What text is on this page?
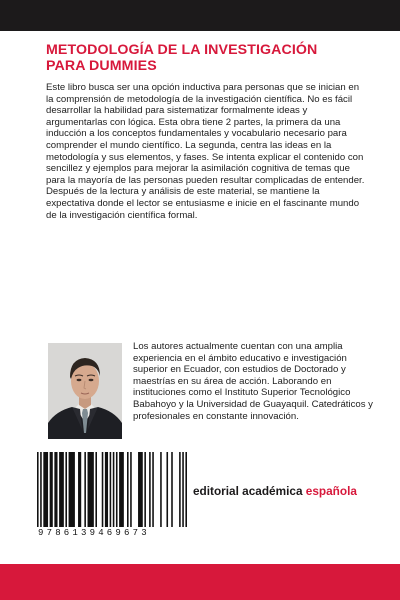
METODOLOGÍA DE LA INVESTIGACIÓN
PARA DUMMIES

Este libro busca ser una opción inductiva para personas que se inician en la comprensión de metodología de la investigación científica. No es fácil desarrollar la habilidad para sistematizar formalmente ideas y argumentarlas con lógica. Esta obra tiene 2 partes, la primera da una inducción a los conceptos fundamentales y vocabulario necesario para comprender el mundo científico. La segunda, centra las ideas en la metodología y sus elementos, y fases. Se intenta explicar el contenido con sencillez y ejemplos para mejorar la asimilación cognitiva de temas que para la mayoría de las personas pueden resultar complicadas de entender.

Después de la lectura y análisis de este material, se mantiene la expectativa donde el lector se entusiasme e inicie en el fascinante mundo de la investigación científica formal.

Los autores actualmente cuentan con una amplia experiencia en el ámbito educativo e investigación superior en Ecuador, con estudios de Doctorado y maestrías en su área de acción. Laborando en instituciones como el Instituto Superior Tecnológico Babahoyo y la Universidad de Guayaquil. Catedráticos y profesionales en constante innovación.

9786139469673
editorial académica española
